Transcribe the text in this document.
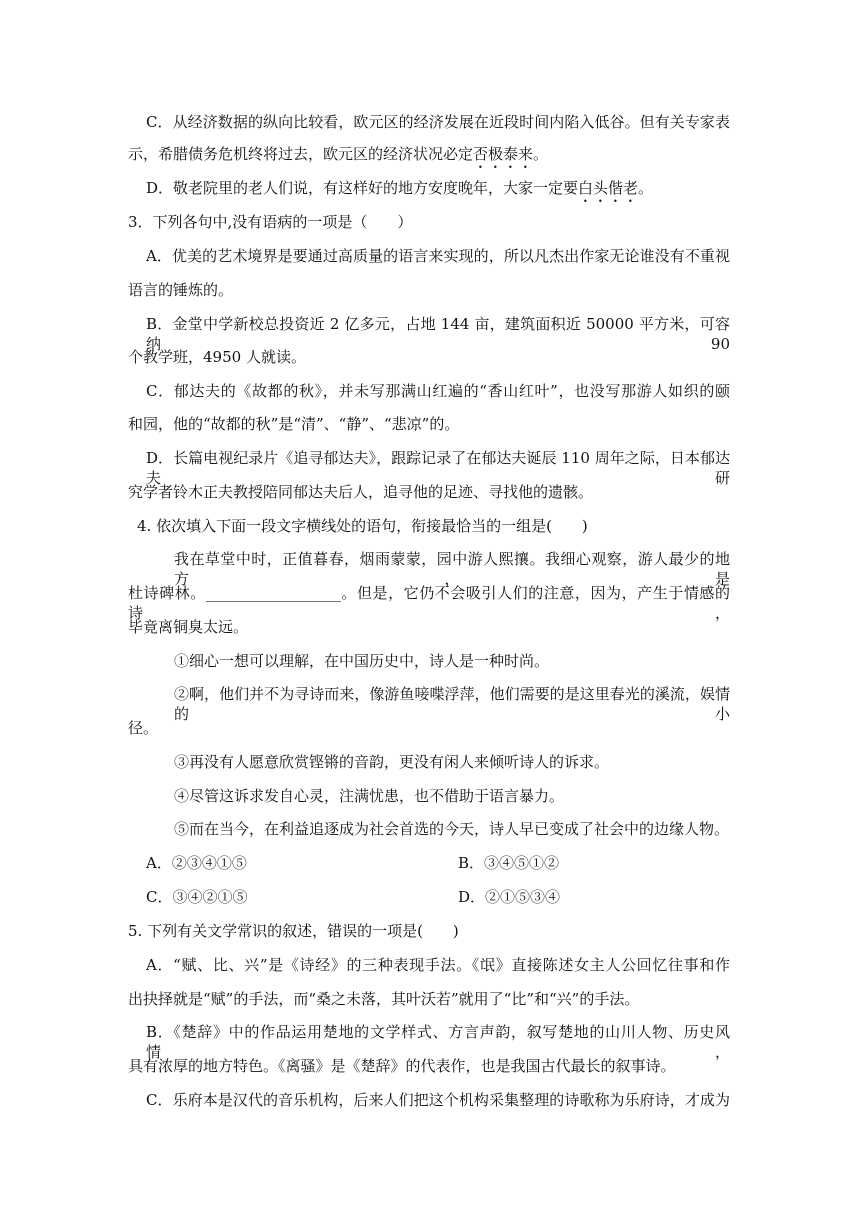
C．从经济数据的纵向比较看，欧元区的经济发展在近段时间内陷入低谷。但有关专家表
示，希腊债务危机终将过去，欧元区的经济状况必定否极泰来。
D．敬老院里的老人们说，有这样好的地方安度晚年，大家一定要白头偕老。
3．下列各句中,没有语病的一项是（　　）
A．优美的艺术境界是要通过高质量的语言来实现的，所以凡杰出作家无论谁没有不重视
语言的锤炼的。
B．金堂中学新校总投资近 2 亿多元，占地 144 亩，建筑面积近 50000 平方米，可容纳 90
个教学班，4950 人就读。
C．郁达夫的《故都的秋》，并未写那满山红遍的“香山红叶”，也没写那游人如织的颐
和园，他的“故都的秋”是“清”、“静”、“悲凉”的。
D．长篇电视纪录片《追寻郁达夫》，跟踪记录了在郁达夫诞辰 110 周年之际，日本郁达夫研
究学者铃木正夫教授陪同郁达夫后人，追寻他的足迹、寻找他的遗骸。
4. 依次填入下面一段文字横线处的语句，衔接最恰当的一组是(　　)
我在草堂中时，正值暮春，烟雨蒙蒙，园中游人熙攘。我细心观察，游人最少的地方，是
杜诗碑林。__________________。但是，它仍不会吸引人们的注意，因为，产生于情感的诗，
毕竟离铜臭太远。
①细心一想可以理解，在中国历史中，诗人是一种时尚。
②啊，他们并不为寻诗而来，像游鱼唼喋浮萍，他们需要的是这里春光的溪流，娱情的小
径。
③再没有人愿意欣赏铿锵的音韵，更没有闲人来倾听诗人的诉求。
④尽管这诉求发自心灵，注满忧患，也不借助于语言暴力。
⑤而在当今，在利益追逐成为社会首选的今天，诗人早已变成了社会中的边缘人物。
A．②③④①⑤	B．③④⑤①②
C．③④②①⑤	D．②①⑤③④
5. 下列有关文学常识的叙述，错误的一项是(　　)
A．“赋、比、兴”是《诗经》的三种表现手法。《氓》直接陈述女主人公回忆往事和作
出抉择就是“赋”的手法，而“桑之未落，其叶沃若”就用了“比”和“兴”的手法。
B．《楚辞》中的作品运用楚地的文学样式、方言声韵，叙写楚地的山川人物、历史风情，
具有浓厚的地方特色。《离骚》是《楚辞》的代表作，也是我国古代最长的叙事诗。
C．乐府本是汉代的音乐机构，后来人们把这个机构采集整理的诗歌称为乐府诗，才成为
